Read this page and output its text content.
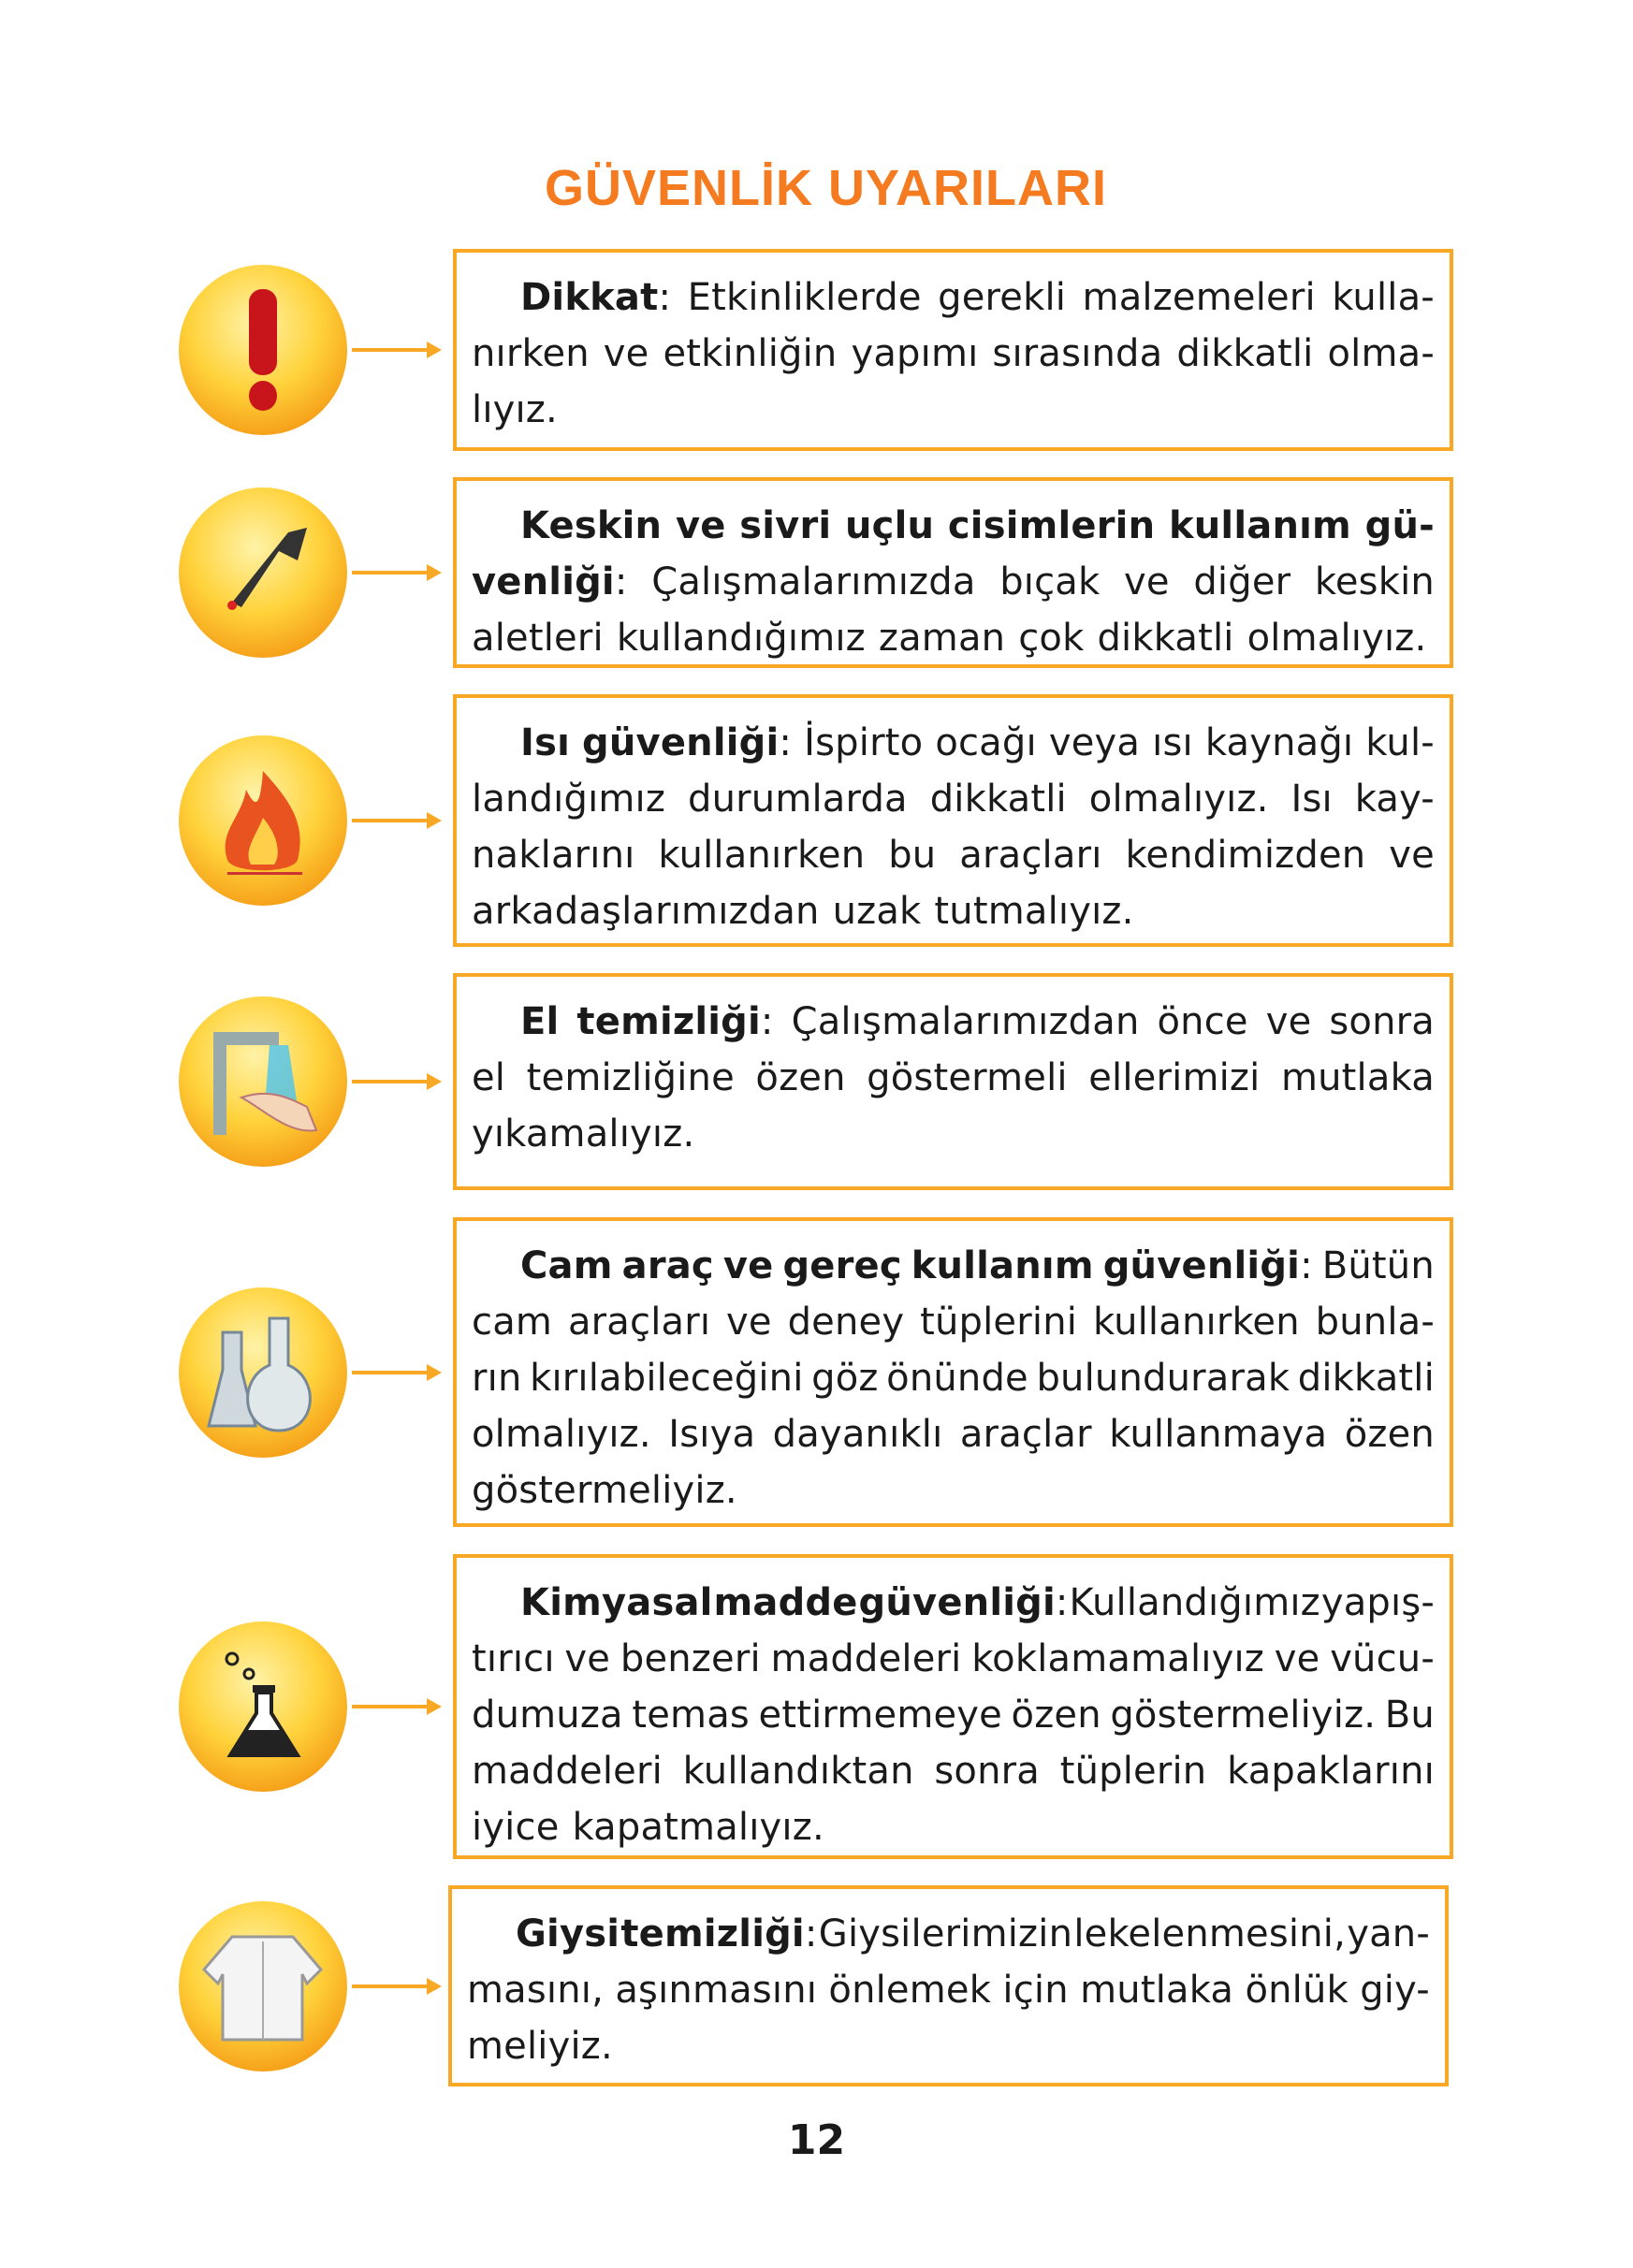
GÜVENLİK UYARILARI
Dikkat: Etkinliklerde gerekli malzemeleri kulla-
nırken ve etkinliğin yapımı sırasında dikkatli olma-
lıyız.
Keskin ve sivri uçlu cisimlerin kullanım gü-
venliği: Çalışmalarımızda bıçak ve diğer keskin
aletleri kullandığımız zaman çok dikkatli olmalıyız.
Isı güvenliği: İspirto ocağı veya ısı kaynağı kul-
landığımız durumlarda dikkatli olmalıyız. Isı kay-
naklarını kullanırken bu araçları kendimizden ve
arkadaşlarımızdan uzak tutmalıyız.
El temizliği: Çalışmalarımızdan önce ve sonra
el temizliğine özen göstermeli ellerimizi mutlaka
yıkamalıyız.
Cam araç ve gereç kullanım güvenliği: Bütün
cam araçları ve deney tüplerini kullanırken bunla-
rın kırılabileceğini göz önünde bulundurarak dikkatli
olmalıyız. Isıya dayanıklı araçlar kullanmaya özen
göstermeliyiz.
Kimyasal madde güvenliği: Kullandığımız yapış-
tırıcı ve benzeri maddeleri koklamamalıyız ve vücu-
dumuza temas ettirmemeye özen göstermeliyiz. Bu
maddeleri kullandıktan sonra tüplerin kapaklarını
iyice kapatmalıyız.
Giysi temizliği: Giysilerimizin lekelenmesini, yan-
masını, aşınmasını önlemek için mutlaka önlük giy-
meliyiz.
12
